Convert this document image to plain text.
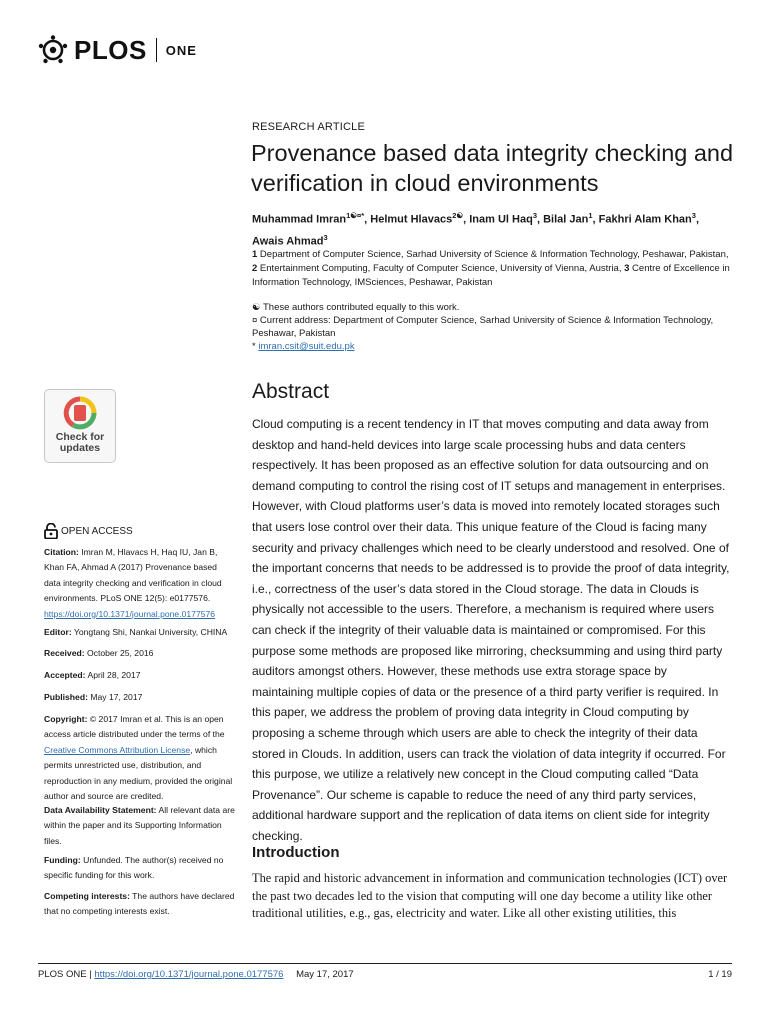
PLOS ONE
RESEARCH ARTICLE
Provenance based data integrity checking and verification in cloud environments
Muhammad Imran$^{1☯¤*}$, Helmut Hlavacs$^{2☯}$, Inam Ul Haq$^3$, Bilal Jan$^1$, Fakhri Alam Khan$^3$,
Awais Ahmad$^3$
1 Department of Computer Science, Sarhad University of Science & Information Technology, Peshawar, Pakistan, 2 Entertainment Computing, Faculty of Computer Science, University of Vienna, Austria, 3 Centre of Excellence in Information Technology, IMSciences, Peshawar, Pakistan
☯ These authors contributed equally to this work.
¤ Current address: Department of Computer Science, Sarhad University of Science & Information Technology, Peshawar, Pakistan
* imran.csit@suit.edu.pk
Abstract
Cloud computing is a recent tendency in IT that moves computing and data away from desktop and hand-held devices into large scale processing hubs and data centers respectively. It has been proposed as an effective solution for data outsourcing and on demand computing to control the rising cost of IT setups and management in enterprises. However, with Cloud platforms user’s data is moved into remotely located storages such that users lose control over their data. This unique feature of the Cloud is facing many security and privacy challenges which need to be clearly understood and resolved. One of the important concerns that needs to be addressed is to provide the proof of data integrity, i.e., correctness of the user’s data stored in the Cloud storage. The data in Clouds is physically not accessible to the users. Therefore, a mechanism is required where users can check if the integrity of their valuable data is maintained or compromised. For this purpose some methods are proposed like mirroring, checksumming and using third party auditors amongst others. However, these methods use extra storage space by maintaining multiple copies of data or the presence of a third party verifier is required. In this paper, we address the problem of proving data integrity in Cloud computing by proposing a scheme through which users are able to check the integrity of their data stored in Clouds. In addition, users can track the violation of data integrity if occurred. For this purpose, we utilize a relatively new concept in the Cloud computing called “Data Provenance”. Our scheme is capable to reduce the need of any third party services, additional hardware support and the replication of data items on client side for integrity checking.
Introduction
The rapid and historic advancement in information and communication technologies (ICT) over the past two decades led to the vision that computing will one day become a utility like other traditional utilities, e.g., gas, electricity and water. Like all other existing utilities, this
Check for
updates
OPEN ACCESS
Citation: Imran M, Hlavacs H, Haq IU, Jan B, Khan FA, Ahmad A (2017) Provenance based data integrity checking and verification in cloud environments. PLoS ONE 12(5): e0177576. https://doi.org/10.1371/journal.pone.0177576
Editor: Yongtang Shi, Nankai University, CHINA
Received: October 25, 2016
Accepted: April 28, 2017
Published: May 17, 2017
Copyright: © 2017 Imran et al. This is an open access article distributed under the terms of the Creative Commons Attribution License, which permits unrestricted use, distribution, and reproduction in any medium, provided the original author and source are credited.
Data Availability Statement: All relevant data are within the paper and its Supporting Information files.
Funding: Unfunded. The author(s) received no specific funding for this work.
Competing interests: The authors have declared that no competing interests exist.
PLOS ONE | https://doi.org/10.1371/journal.pone.0177576 May 17, 2017	1 / 19
